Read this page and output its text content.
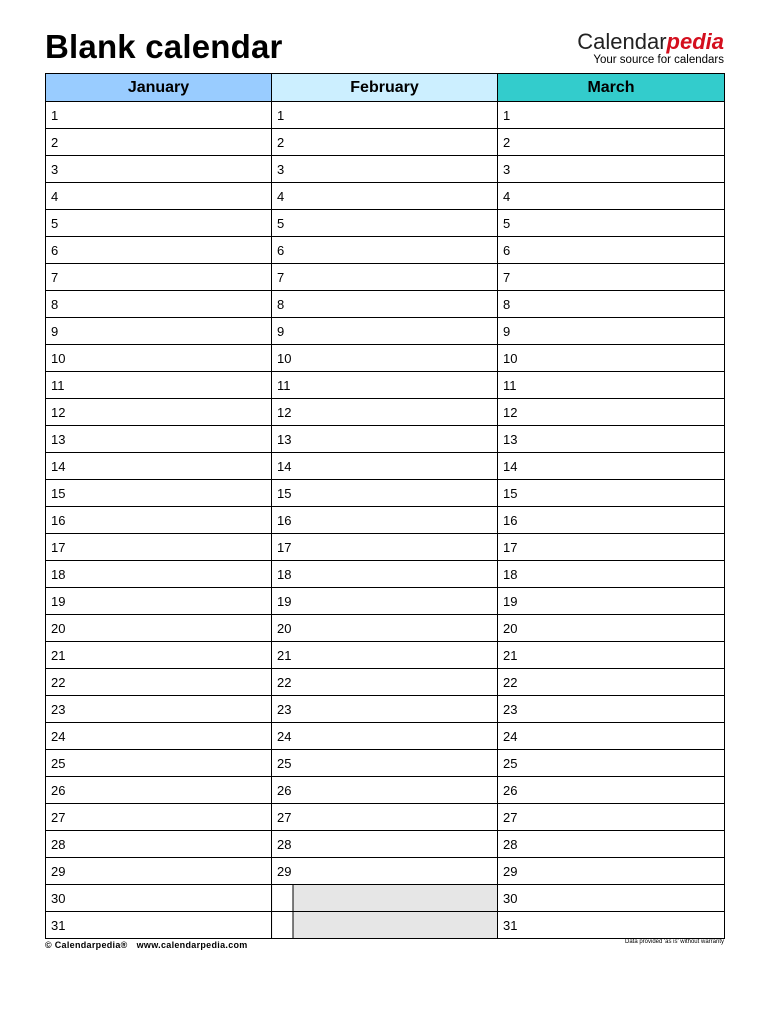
Blank calendar	Calendarpedia
Your source for calendars
January	February	March
1	1	1
2	2	2
3	3	3
4	4	4
5	5	5
6	6	6
7	7	7
8	8	8
9	9	9
10	10	10
11	11	11
12	12	12
13	13	13
14	14	14
15	15	15
16	16	16
17	17	17
18	18	18
19	19	19
20	20	20
21	21	21
22	22	22
23	23	23
24	24	24
25	25	25
26	26	26
27	27	27
28	28	28
29	29	29
30		30
31		31
© Calendarpedia® www.calendarpedia.com	Data provided 'as is' without warranty
